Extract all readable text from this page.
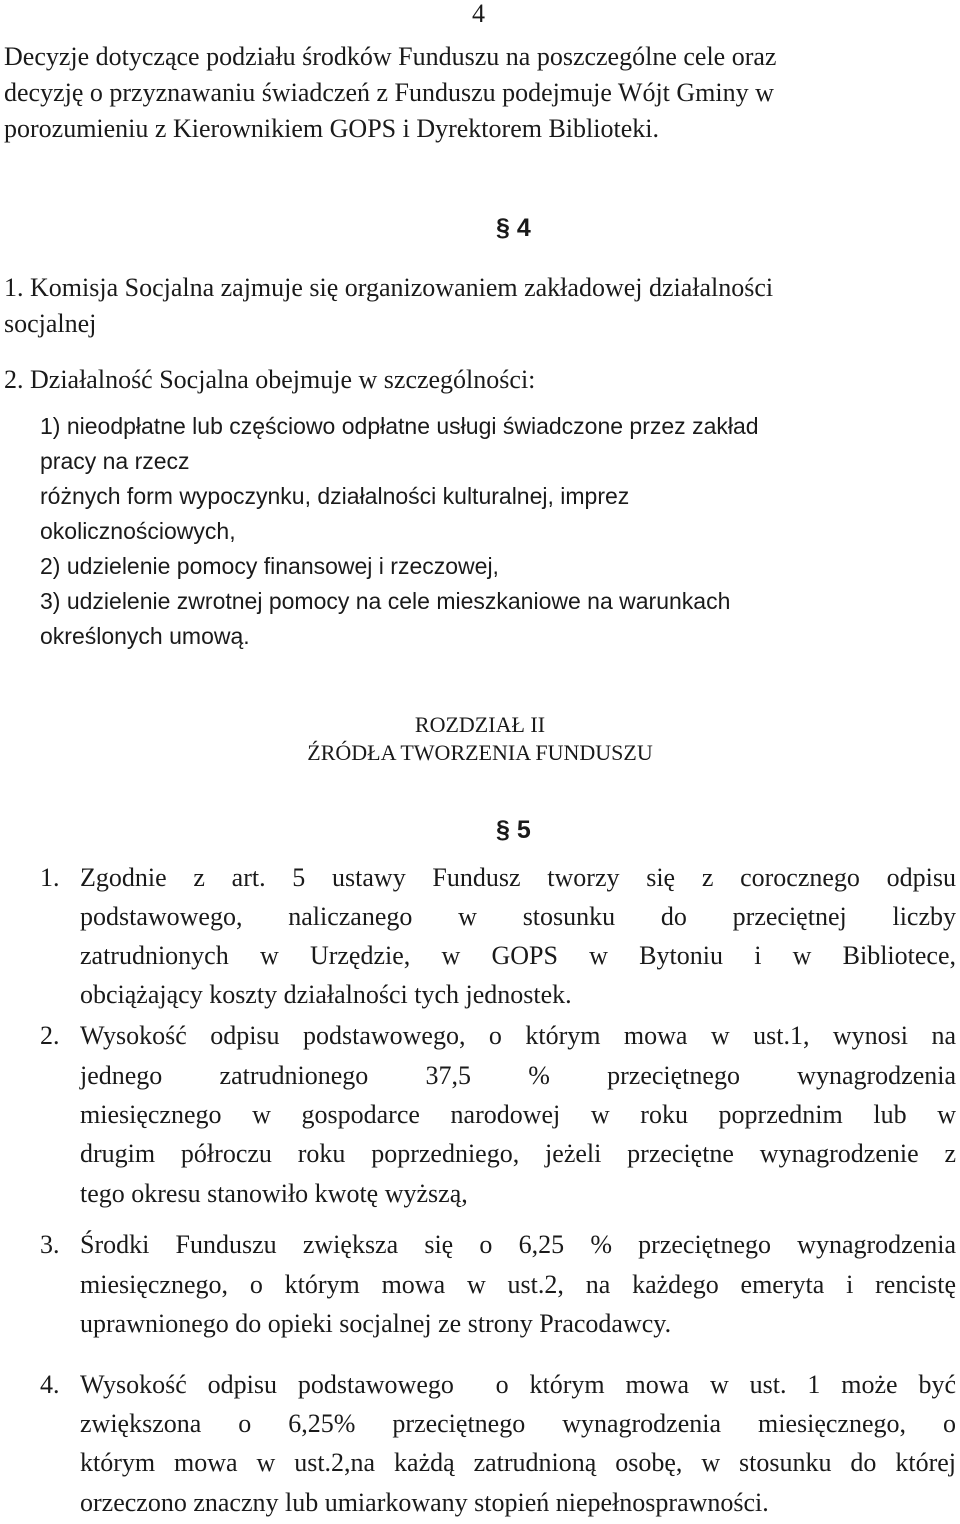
4
Decyzje dotyczące podziału środków Funduszu na poszczególne cele oraz
decyzję o przyznawaniu świadczeń z Funduszu podejmuje Wójt Gminy w
porozumieniu z Kierownikiem GOPS i Dyrektorem Biblioteki.
§ 4
1. Komisja Socjalna zajmuje się organizowaniem zakładowej działalności
socjalnej
2. Działalność Socjalna obejmuje w szczególności:
1) nieodpłatne lub częściowo odpłatne usługi świadczone przez zakład
pracy na rzecz
różnych form wypoczynku, działalności kulturalnej, imprez
okolicznościowych,
2) udzielenie pomocy finansowej i rzeczowej,
3) udzielenie zwrotnej pomocy na cele mieszkaniowe na warunkach
określonych umową.
ROZDZIAŁ II
ŹRÓDŁA TWORZENIA FUNDUSZU
§ 5
1. Zgodnie z art. 5 ustawy Fundusz tworzy się z corocznego odpisu
podstawowego, naliczanego w stosunku do przeciętnej liczby
zatrudnionych w Urzędzie, w GOPS w Bytoniu i w Bibliotece,
obciążający koszty działalności tych jednostek.
2. Wysokość odpisu podstawowego, o którym mowa w ust.1, wynosi na
jednego zatrudnionego 37,5 % przeciętnego wynagrodzenia
miesięcznego w gospodarce narodowej w roku poprzednim lub w
drugim półroczu roku poprzedniego, jeżeli przeciętne wynagrodzenie z
tego okresu stanowiło kwotę wyższą,
3. Środki Funduszu zwiększa się o 6,25 % przeciętnego wynagrodzenia
miesięcznego, o którym mowa w ust.2, na każdego emeryta i rencistę
uprawnionego do opieki socjalnej ze strony Pracodawcy.
4. Wysokość odpisu podstawowego  o którym mowa w ust. 1 może być
zwiększona o 6,25% przeciętnego wynagrodzenia miesięcznego, o
którym mowa w ust.2,na każdą zatrudnioną osobę, w stosunku do której
orzeczono znaczny lub umiarkowany stopień niepełnosprawności.
